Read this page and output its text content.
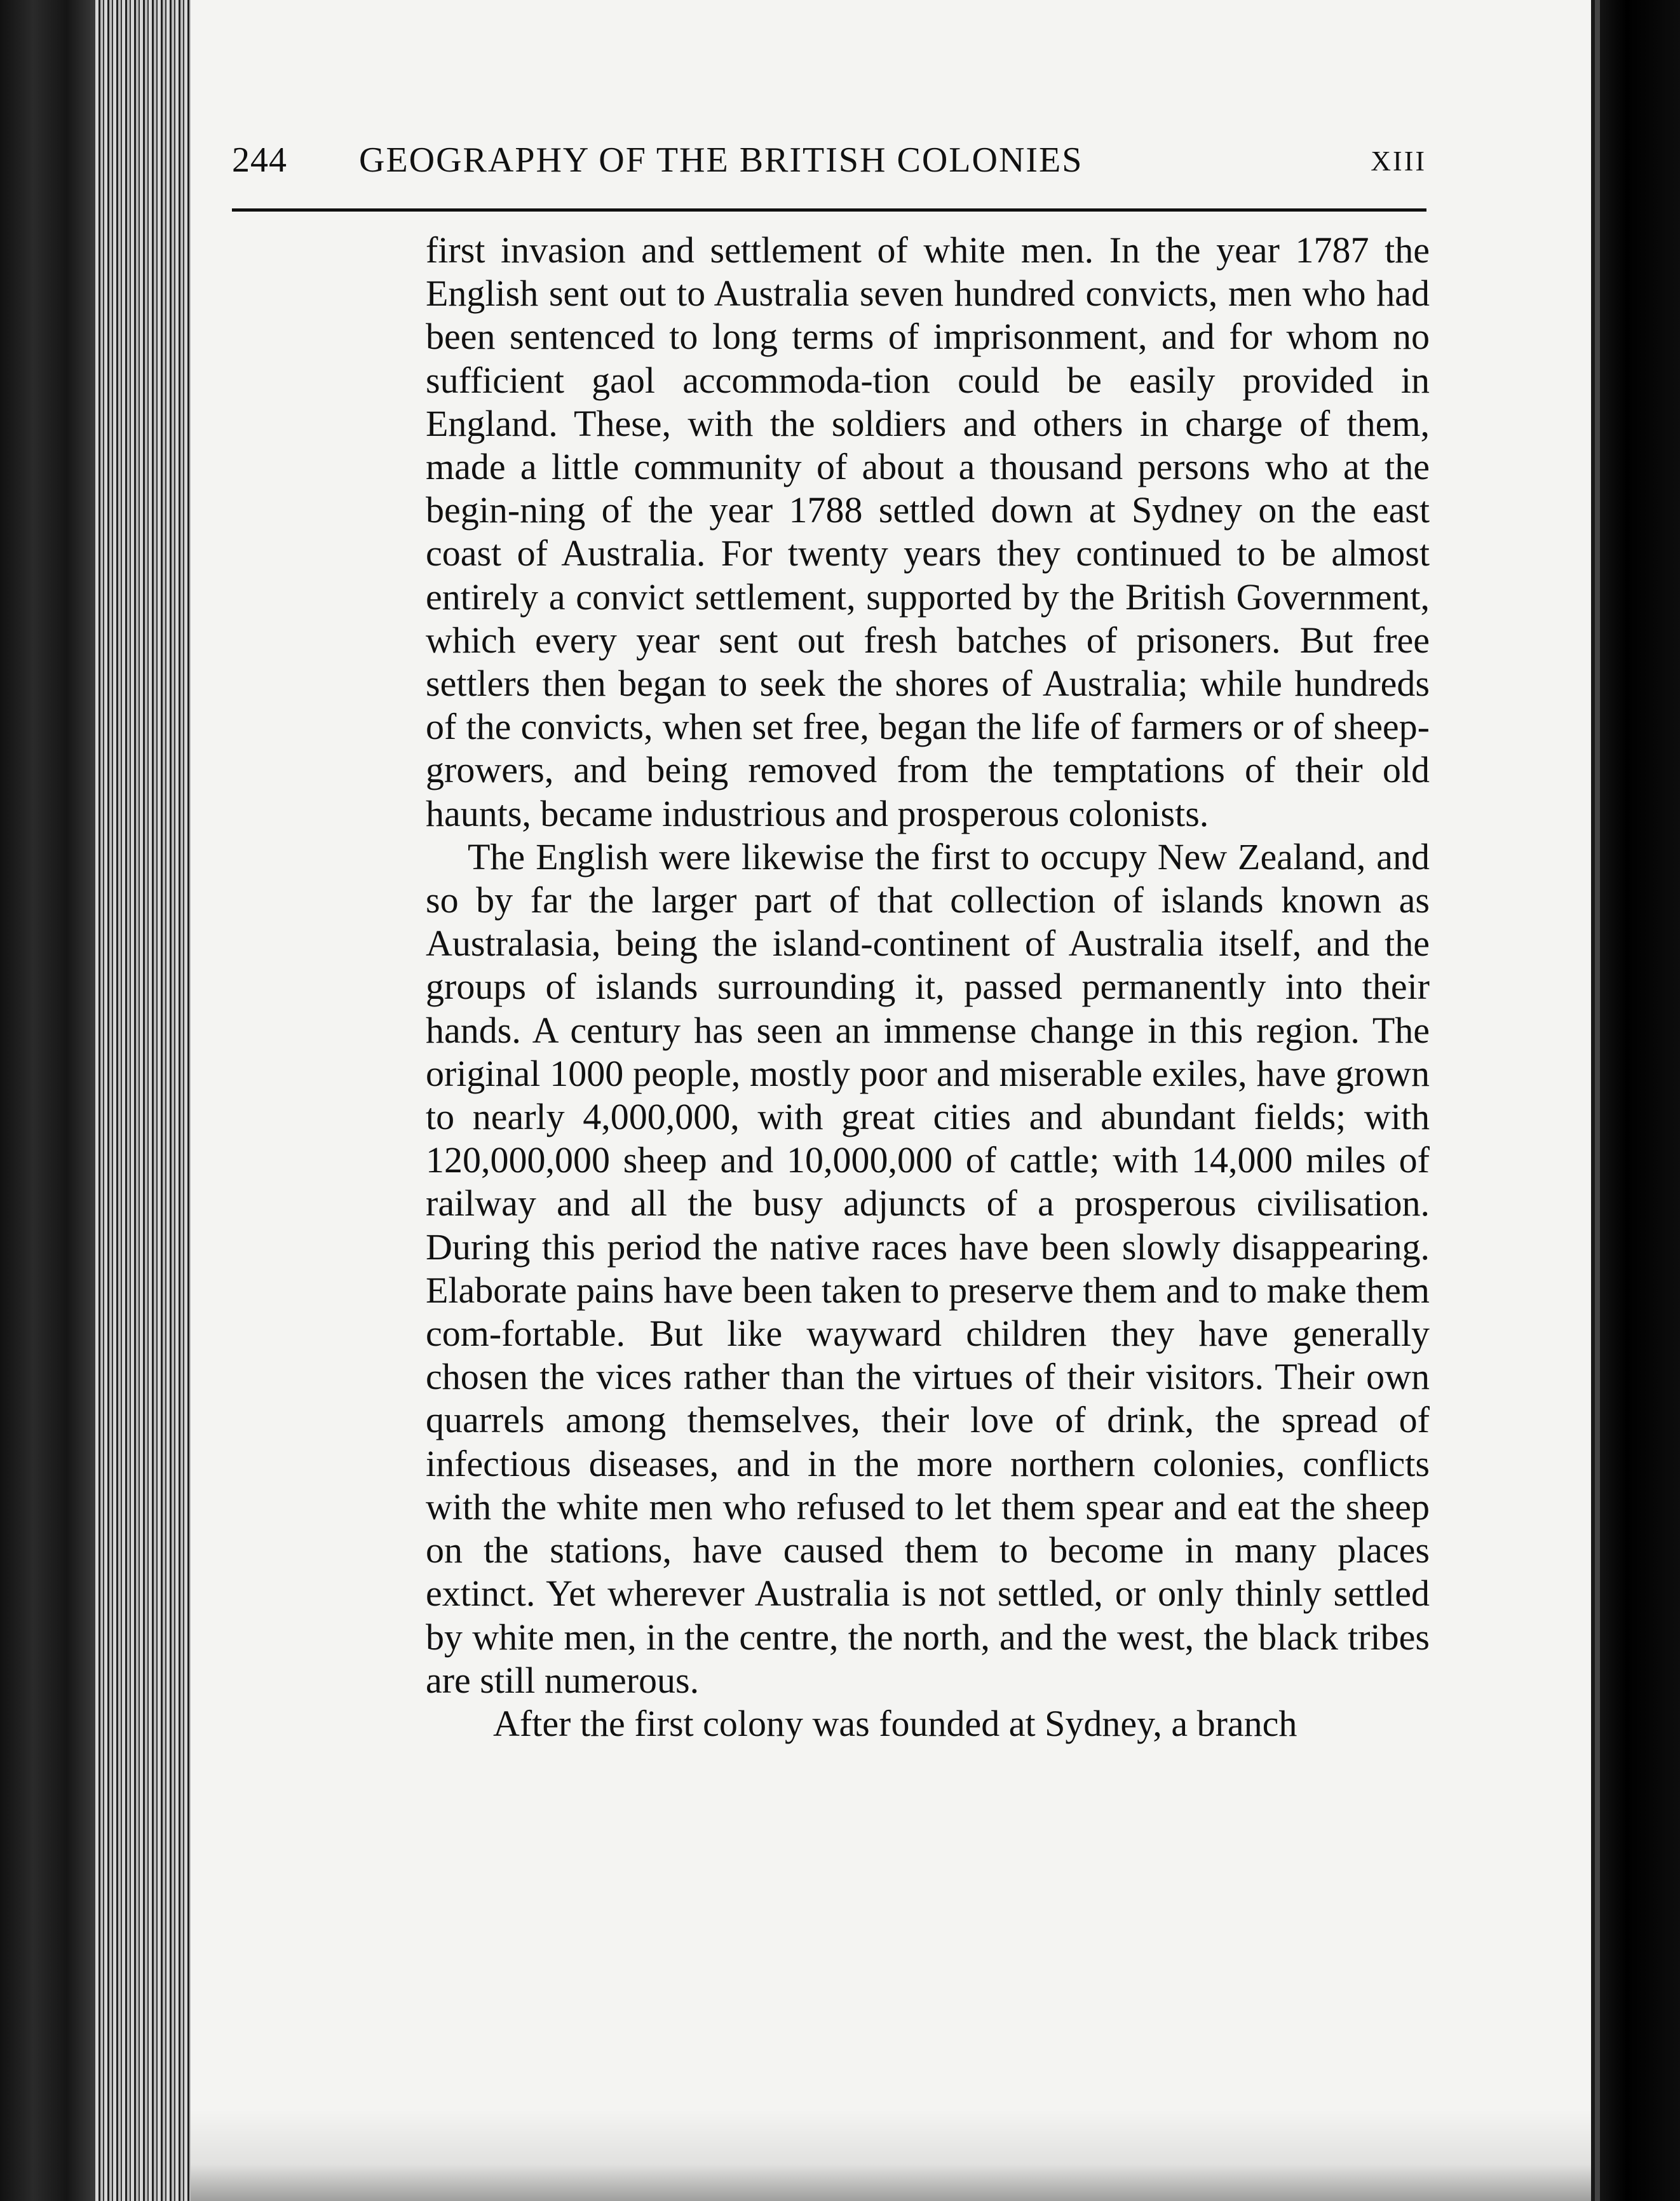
244 GEOGRAPHY OF THE BRITISH COLONIES	XIII

first invasion and settlement of white men. In the year 1787 the English sent out to Australia seven hundred convicts, men who had been sentenced to long terms of imprisonment, and for whom no sufficient gaol accommoda-tion could be easily provided in England. These, with the soldiers and others in charge of them, made a little community of about a thousand persons who at the begin-ning of the year 1788 settled down at Sydney on the east coast of Australia. For twenty years they continued to be almost entirely a convict settlement, supported by the British Government, which every year sent out fresh batches of prisoners. But free settlers then began to seek the shores of Australia; while hundreds of the convicts, when set free, began the life of farmers or of sheep-growers, and being removed from the temptations of their old haunts, became industrious and prosperous colonists.

The English were likewise the first to occupy New Zealand, and so by far the larger part of that collection of islands known as Australasia, being the island-continent of Australia itself, and the groups of islands surrounding it, passed permanently into their hands. A century has seen an immense change in this region. The original 1000 people, mostly poor and miserable exiles, have grown to nearly 4,000,000, with great cities and abundant fields; with 120,000,000 sheep and 10,000,000 of cattle; with 14,000 miles of railway and all the busy adjuncts of a prosperous civilisation. During this period the native races have been slowly disappearing. Elaborate pains have been taken to preserve them and to make them com-fortable. But like wayward children they have generally chosen the vices rather than the virtues of their visitors. Their own quarrels among themselves, their love of drink, the spread of infectious diseases, and in the more northern colonies, conflicts with the white men who refused to let them spear and eat the sheep on the stations, have caused them to become in many places extinct. Yet wherever Australia is not settled, or only thinly settled by white men, in the centre, the north, and the west, the black tribes are still numerous.

After the first colony was founded at Sydney, a branch
